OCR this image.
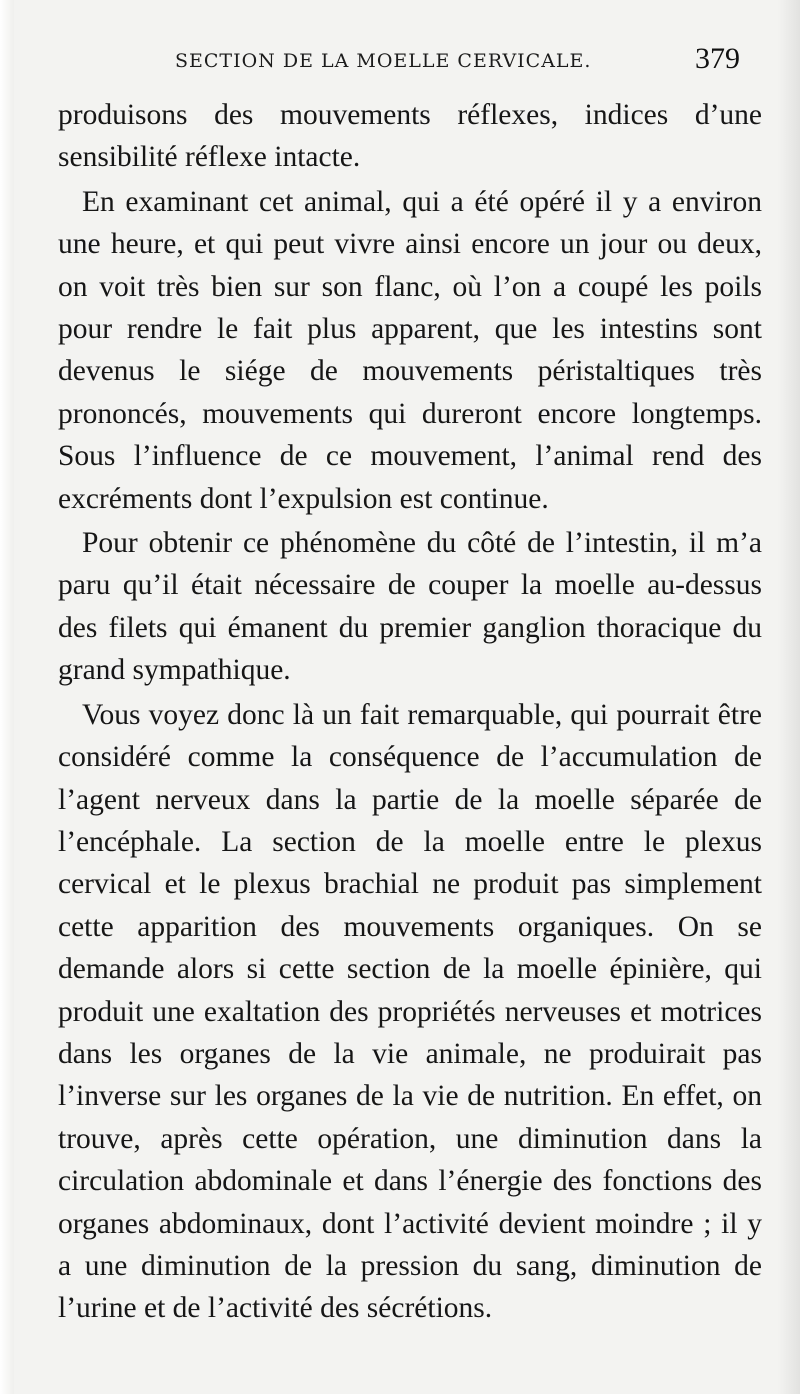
SECTION DE LA MOELLE CERVICALE.	379

produisons des mouvements réflexes, indices d’une sensibilité réflexe intacte.

En examinant cet animal, qui a été opéré il y a environ une heure, et qui peut vivre ainsi encore un jour ou deux, on voit très bien sur son flanc, où l’on a coupé les poils pour rendre le fait plus apparent, que les intestins sont devenus le siége de mouvements péristaltiques très prononcés, mouvements qui dureront encore longtemps. Sous l’influence de ce mouvement, l’animal rend des excréments dont l’expulsion est continue.

Pour obtenir ce phénomène du côté de l’intestin, il m’a paru qu’il était nécessaire de couper la moelle au-dessus des filets qui émanent du premier ganglion thoracique du grand sympathique.

Vous voyez donc là un fait remarquable, qui pourrait être considéré comme la conséquence de l’accumulation de l’agent nerveux dans la partie de la moelle séparée de l’encéphale. La section de la moelle entre le plexus cervical et le plexus brachial ne produit pas simplement cette apparition des mouvements organiques. On se demande alors si cette section de la moelle épinière, qui produit une exaltation des propriétés nerveuses et motrices dans les organes de la vie animale, ne produirait pas l’inverse sur les organes de la vie de nutrition. En effet, on trouve, après cette opération, une diminution dans la circulation abdominale et dans l’énergie des fonctions des organes abdominaux, dont l’activité devient moindre ; il y a une diminution de la pression du sang, diminution de l’urine et de l’activité des sécrétions.
